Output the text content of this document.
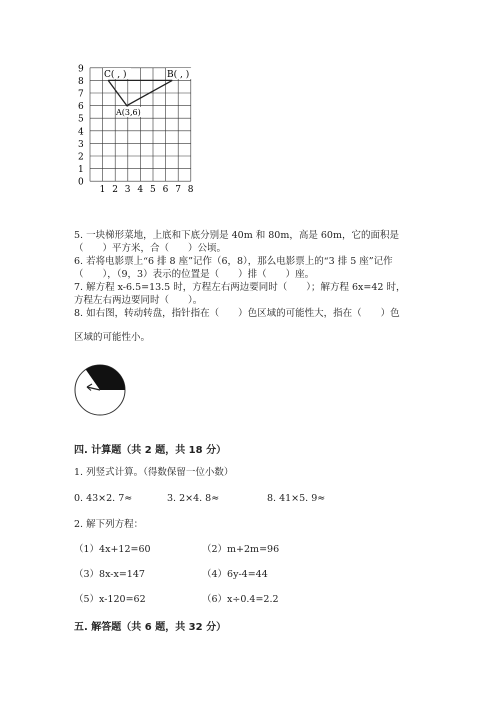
9
8
7
6
5
4
3
2
1
0
1 2 3 4 5 6 7 8
C( , )	B( , )
A(3,6)
5. 一块梯形菜地，上底和下底分别是 40m 和 80m，高是 60m，它的面积是
（　　）平方米，合（　　）公顷。
6. 若将电影票上“6 排 8 座”记作（6，8），那么电影票上的“3 排 5 座”记作
（　　），（9，3）表示的位置是（　　）排（　　）座。
7. 解方程 x-6.5=13.5 时，方程左右两边要同时（　　）；解方程 6x=42 时，
方程左右两边要同时（　　）。
8. 如右图，转动转盘，指针指在（　　）色区域的可能性大，指在（　　）色
区域的可能性小。
四. 计算题（共 2 题，共 18 分）
1. 列竖式计算。（得数保留一位小数）
0. 43×2. 7≈	3. 2×4. 8≈	8. 41×5. 9≈
2. 解下列方程：
（1）4x+12=60	（2）m+2m=96
（3）8x-x=147	（4）6y-4=44
（5）x-120=62	（6）x÷0.4=2.2
五. 解答题（共 6 题，共 32 分）
